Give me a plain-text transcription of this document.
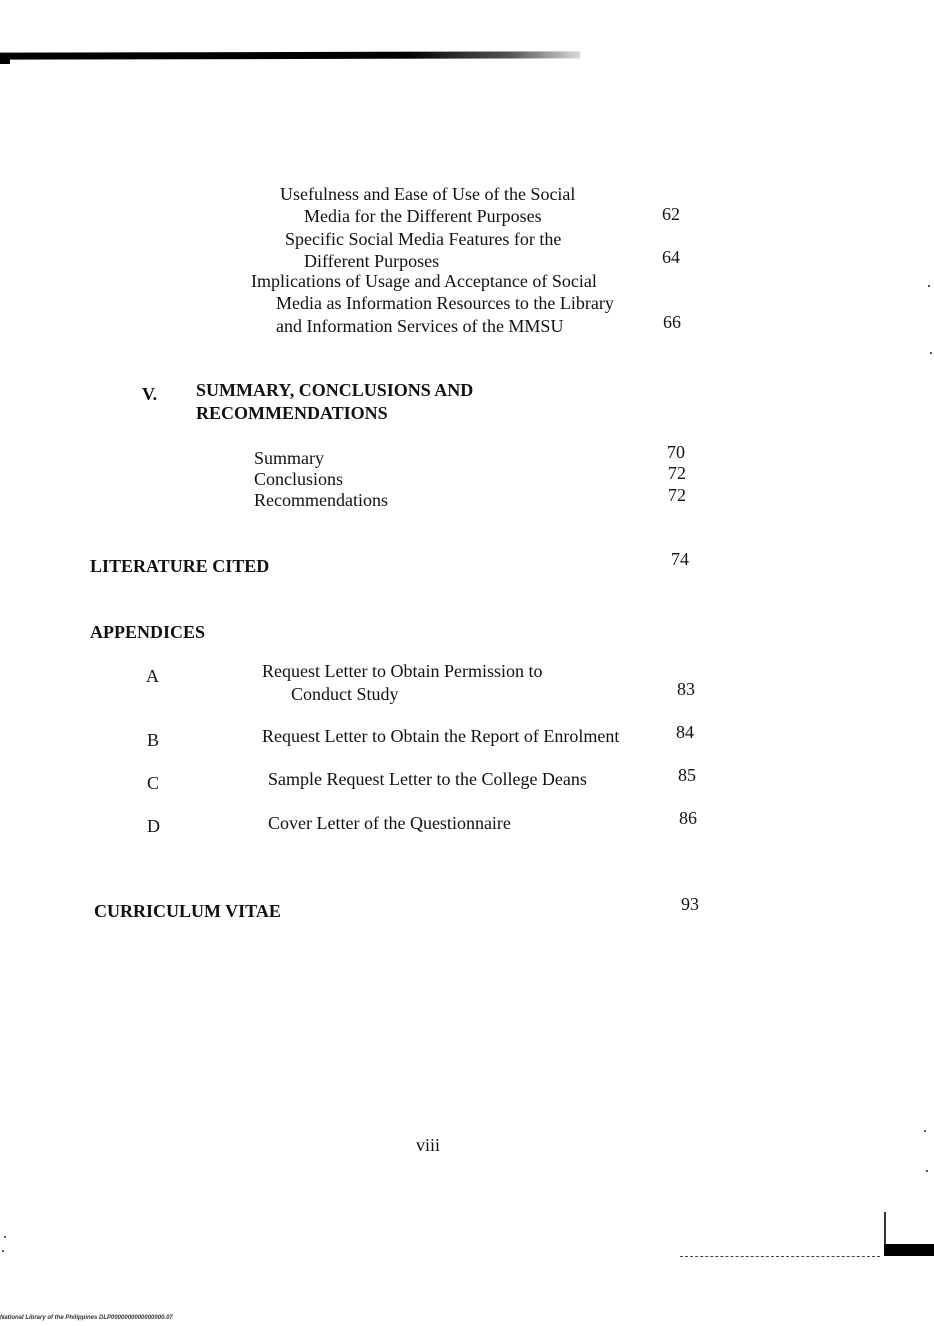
Usefulness and Ease of Use of the Social
Media for the Different Purposes	62
Specific Social Media Features for the
Different Purposes	64
Implications of Usage and Acceptance of Social
Media as Information Resources to the Library
and Information Services of the MMSU	66
V. SUMMARY, CONCLUSIONS AND
RECOMMENDATIONS
Summary	70
Conclusions	72
Recommendations	72
LITERATURE CITED	74
APPENDICES
A	Request Letter to Obtain Permission to
Conduct Study	83
B	Request Letter to Obtain the Report of Enrolment	84
C	Sample Request Letter to the College Deans	85
D	Cover Letter of the Questionnaire	86
CURRICULUM VITAE	93
viii
National Library of the Philippines DLP0000000000000000.07
